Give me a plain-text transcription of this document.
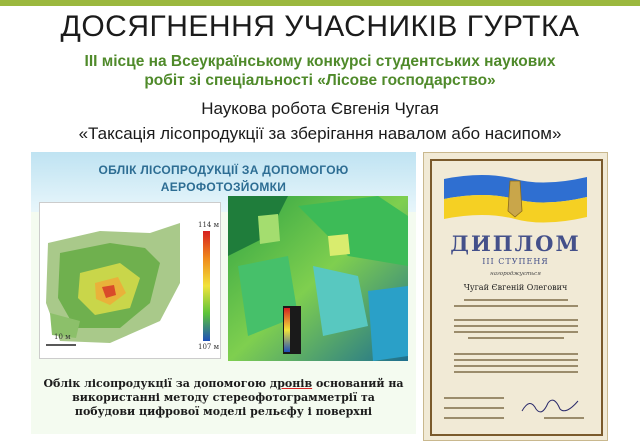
ДОСЯГНЕННЯ УЧАСНИКІВ ГУРТКА
ІІІ місце на Всеукраїнському конкурсі студентських наукових
робіт зі спеціальності «Лісове господарство»
Наукова робота Євгенія Чугая
«Таксація лісопродукції за зберігання навалом або насипом»
ОБЛІК ЛІСОПРОДУКЦІЇ ЗА ДОПОМОГОЮ
АЕРОФОТОЗЙОМКИ
10 м
114 м
107 м
Облік лісопродукції за допомогою дронів оснований на
використанні методу стереофотограмметрії та
побудови цифрової моделі рельєфу і поверхні
ДИПЛОМ
ІІІ СТУПЕНЯ
нагороджується
Чугай Євгеній Олегович
